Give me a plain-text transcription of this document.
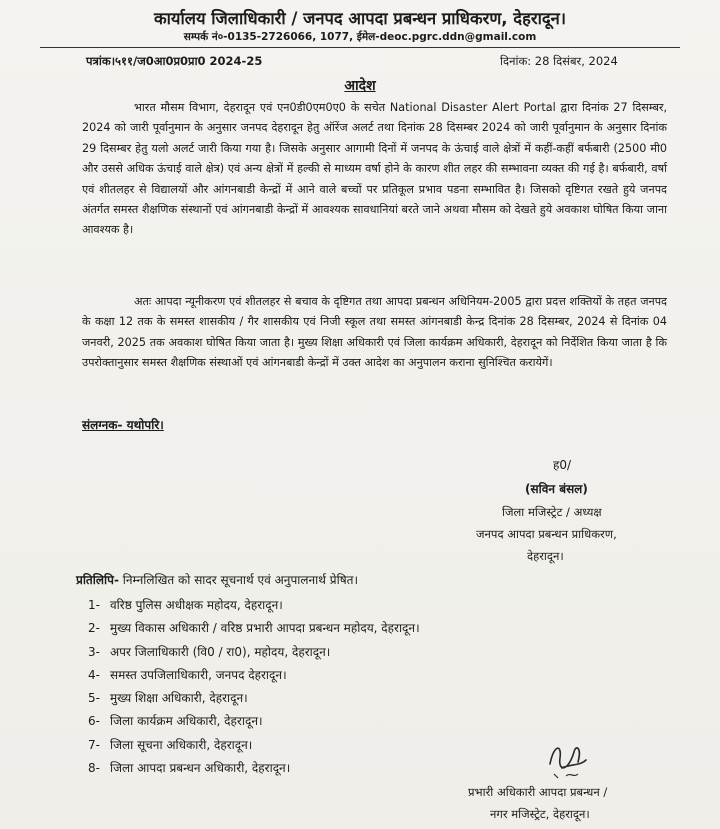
कार्यालय जिलाधिकारी / जनपद आपदा प्रबन्धन प्राधिकरण, देहरादून।
सम्पर्क नं०-0135-2726066, 1077, ईमेल-deoc.pgrc.ddn@gmail.com
पत्रांक।५११/ज0आ0प्र0प्रा0 2024-25	दिनांक: 28 दिसंबर, 2024
आदेश
भारत मौसम विभाग, देहरादून एवं एन0डी0एम0ए0 के सचेत National Disaster Alert Portal द्वारा दिनांक 27 दिसम्बर, 2024 को जारी पूर्वानुमान के अनुसार जनपद देहरादून हेतु ऑरेंज अलर्ट तथा दिनांक 28 दिसम्बर 2024 को जारी पूर्वानुमान के अनुसार दिनांक 29 दिसम्बर हेतु यलो अलर्ट जारी किया गया है। जिसके अनुसार आगामी दिनों में जनपद के ऊंचाई वाले क्षेत्रों में कहीं-कहीं बर्फबारी (2500 मी0 और उससे अधिक ऊंचाई वाले क्षेत्र) एवं अन्य क्षेत्रों में हल्की से माध्यम वर्षा होने के कारण शीत लहर की सम्भावना व्यक्त की गई है। बर्फबारी, वर्षा एवं शीतलहर से विद्यालयों और आंगनबाडी केन्द्रों में आने वाले बच्चों पर प्रतिकूल प्रभाव पडना सम्भावित है। जिसको दृष्टिगत रखते हुये जनपद अंतर्गत समस्त शैक्षणिक संस्थानों एवं आंगनबाडी केन्द्रों में आवश्यक सावधानियां बरते जाने अथवा मौसम को देखते हुये अवकाश घोषित किया जाना आवश्यक है।
अतः आपदा न्यूनीकरण एवं शीतलहर से बचाव के दृष्टिगत तथा आपदा प्रबन्धन अधिनियम-2005 द्वारा प्रदत्त शक्तियों के तहत जनपद के कक्षा 12 तक के समस्त शासकीय / गैर शासकीय एवं निजी स्कूल तथा समस्त आंगनबाडी केन्द्र दिनांक 28 दिसम्बर, 2024 से दिनांक 04 जनवरी, 2025 तक अवकाश घोषित किया जाता है। मुख्य शिक्षा अधिकारी एवं जिला कार्यक्रम अधिकारी, देहरादून को निर्देशित किया जाता है कि उपरोक्तानुसार समस्त शैक्षणिक संस्थाओं एवं आंगनबाडी केन्द्रों में उक्त आदेश का अनुपालन कराना सुनिश्चित करायेगें।
संलग्नक- यथोपरि।
ह0/
(सविन बंसल)
जिला मजिस्ट्रेट / अध्यक्ष
जनपद आपदा प्रबन्धन प्राधिकरण,
देहरादून।
प्रतिलिपि- निम्नलिखित को सादर सूचनार्थ एवं अनुपालनार्थ प्रेषित।
1- वरिष्ठ पुलिस अधीक्षक महोदय, देहरादून।
2- मुख्य विकास अधिकारी / वरिष्ठ प्रभारी आपदा प्रबन्धन महोदय, देहरादून।
3- अपर जिलाधिकारी (वि0 / रा0), महोदय, देहरादून।
4- समस्त उपजिलाधिकारी, जनपद देहरादून।
5- मुख्य शिक्षा अधिकारी, देहरादून।
6- जिला कार्यक्रम अधिकारी, देहरादून।
7- जिला सूचना अधिकारी, देहरादून।
8- जिला आपदा प्रबन्धन अधिकारी, देहरादून।
प्रभारी अधिकारी आपदा प्रबन्धन /
नगर मजिस्ट्रेट, देहरादून।
